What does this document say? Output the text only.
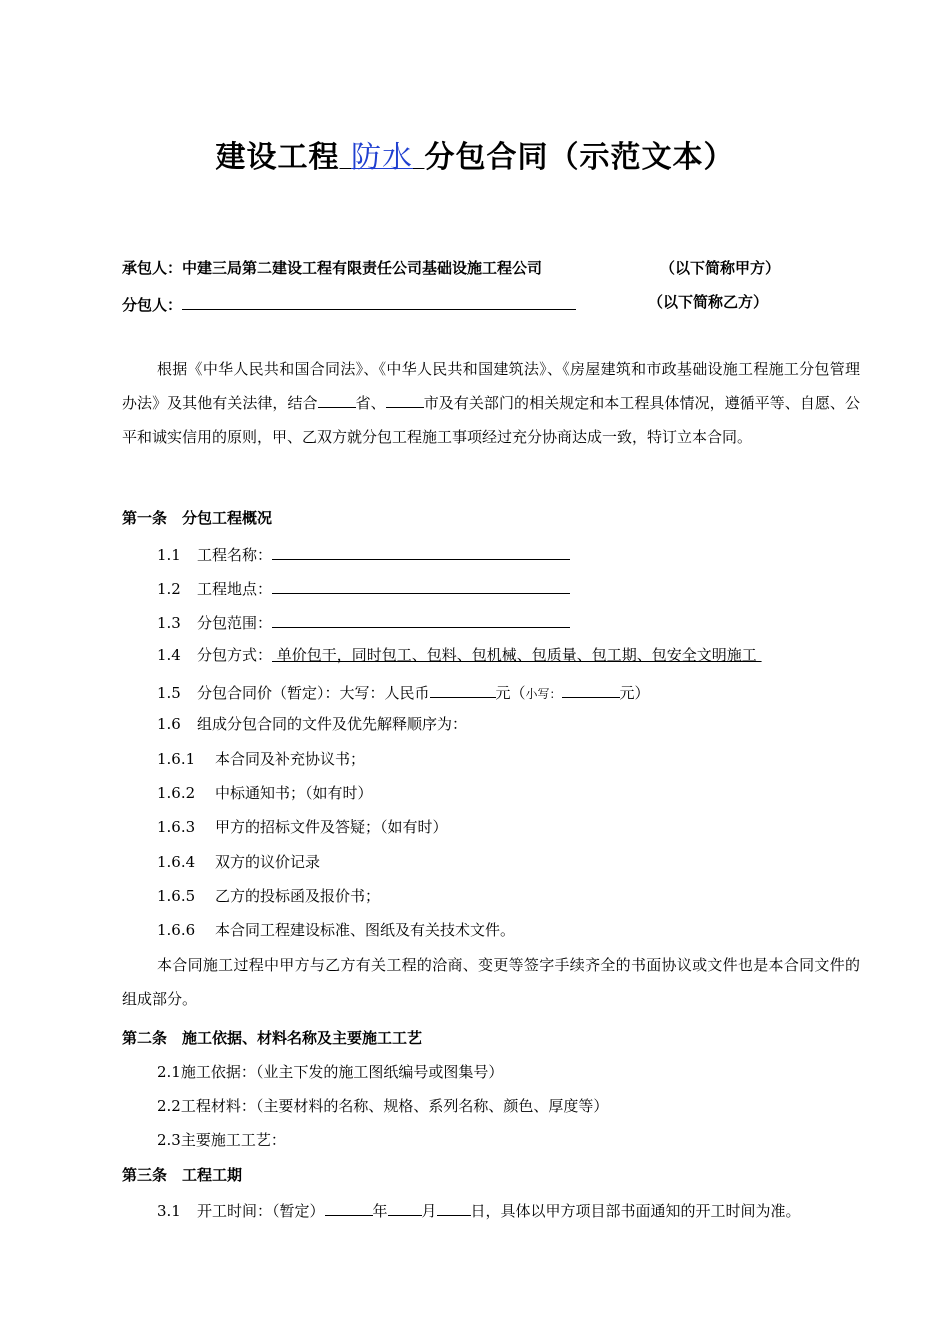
建设工程 防水 分包合同（示范文本）
承包人：中建三局第二建设工程有限责任公司基础设施工程公司	（以下简称甲方）
分包人：	（以下简称乙方）
根据《中华人民共和国合同法》、《中华人民共和国建筑法》、《房屋建筑和市政基础设施工程施工分包管理办法》及其他有关法律，结合	省、	市及有关部门的相关规定和本工程具体情况，遵循平等、自愿、公平和诚实信用的原则，甲、乙双方就分包工程施工事项经过充分协商达成一致，特订立本合同。
第一条　分包工程概况
1.1 工程名称：
1.2 工程地点：
1.3 分包范围：
1.4 分包方式： 单价包干，同时包工、包料、包机械、包质量、包工期、包安全文明施工
1.5 分包合同价（暂定）：大写：人民币	元（小写：	元）
1.6 组成分包合同的文件及优先解释顺序为：
1.6.1 本合同及补充协议书；
1.6.2 中标通知书；（如有时）
1.6.3 甲方的招标文件及答疑；（如有时）
1.6.4 双方的议价记录
1.6.5 乙方的投标函及报价书；
1.6.6 本合同工程建设标准、图纸及有关技术文件。
本合同施工过程中甲方与乙方有关工程的洽商、变更等签字手续齐全的书面协议或文件也是本合同文件的组成部分。
第二条　施工依据、材料名称及主要施工工艺
2.1施工依据：（业主下发的施工图纸编号或图集号）
2.2工程材料：（主要材料的名称、规格、系列名称、颜色、厚度等）
2.3主要施工工艺：
第三条　工程工期
3.1 开工时间：（暂定）	年 月 日，具体以甲方项目部书面通知的开工时间为准。
